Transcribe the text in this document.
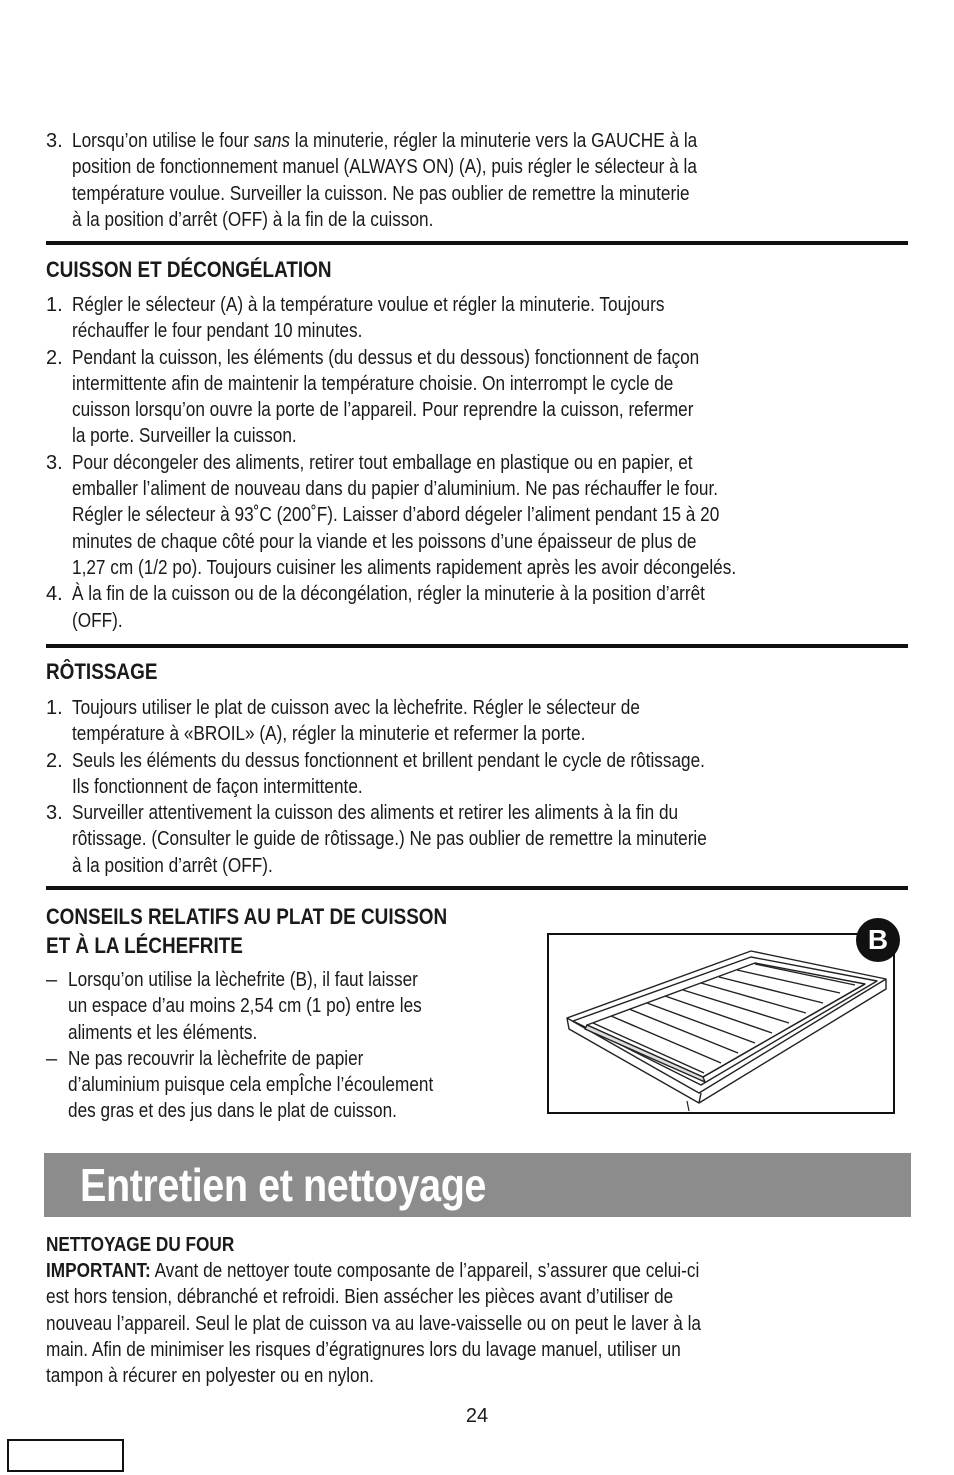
3. Lorsqu’on utilise le four sans la minuterie, régler la minuterie vers la GAUCHE à la
position de fonctionnement manuel (ALWAYS ON) (A), puis régler le sélecteur à la
température voulue. Surveiller la cuisson. Ne pas oublier de remettre la minuterie
à la position d’arrêt (OFF) à la fin de la cuisson.
CUISSON ET DÉCONGÉLATION
1. Régler le sélecteur (A) à la température voulue et régler la minuterie. Toujours
réchauffer le four pendant 10 minutes.
2. Pendant la cuisson, les éléments (du dessus et du dessous) fonctionnent de façon
intermittente afin de maintenir la température choisie. On interrompt le cycle de
cuisson lorsqu’on ouvre la porte de l’appareil. Pour reprendre la cuisson, refermer
la porte. Surveiller la cuisson.
3. Pour décongeler des aliments, retirer tout emballage en plastique ou en papier, et
emballer l’aliment de nouveau dans du papier d’aluminium. Ne pas réchauffer le four.
Régler le sélecteur à 93˚C (200˚F). Laisser d’abord dégeler l’aliment pendant 15 à 20
minutes de chaque côté pour la viande et les poissons d’une épaisseur de plus de
1,27 cm (1/2 po). Toujours cuisiner les aliments rapidement après les avoir décongelés.
4. À la fin de la cuisson ou de la décongélation, régler la minuterie à la position d’arrêt
(OFF).
RÔTISSAGE
1. Toujours utiliser le plat de cuisson avec la lèchefrite. Régler le sélecteur de
température à «BROIL» (A), régler la minuterie et refermer la porte.
2. Seuls les éléments du dessus fonctionnent et brillent pendant le cycle de rôtissage.
Ils fonctionnent de façon intermittente.
3. Surveiller attentivement la cuisson des aliments et retirer les aliments à la fin du
rôtissage. (Consulter le guide de rôtissage.) Ne pas oublier de remettre la minuterie
à la position d’arrêt (OFF).
CONSEILS RELATIFS AU PLAT DE CUISSON
ET À LA LÉCHEFRITE
– Lorsqu’on utilise la lèchefrite (B), il faut laisser
un espace d’au moins 2,54 cm (1 po) entre les
aliments et les éléments.
– Ne pas recouvrir la lèchefrite de papier
d’aluminium puisque cela empÎche l’écoulement
des gras et des jus dans le plat de cuisson.
B
Entretien et nettoyage
NETTOYAGE DU FOUR
IMPORTANT: Avant de nettoyer toute composante de l’appareil, s’assurer que celui-ci
est hors tension, débranché et refroidi. Bien assécher les pièces avant d’utiliser de
nouveau l’appareil. Seul le plat de cuisson va au lave-vaisselle ou on peut le laver à la
main. Afin de minimiser les risques d’égratignures lors du lavage manuel, utiliser un
tampon à récurer en polyester ou en nylon.
24
